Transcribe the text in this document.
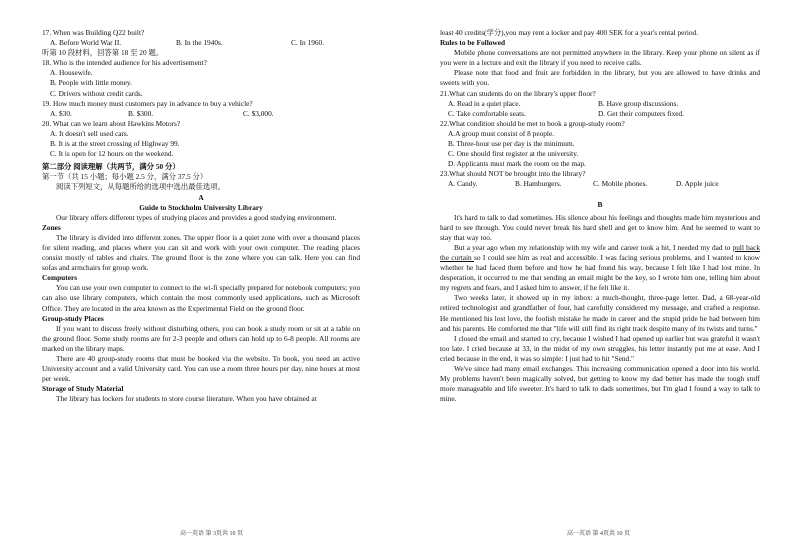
17. When was Building Q22 built?
A. Before World War II.	B. In the 1940s.	C. In 1960.
听第 10 段材料，回答第 18 至 20 题。
18. Who is the intended audience for his advertisement?
A. Housewife.
B. People with little money.
C. Drivers without credit cards.
19. How much money must customers pay in advance to buy a vehicle?
A. $30.	B. $300.	C. $3,000.
20. What can we learn about Hawkins Motors?
A. It doesn't sell used cars.
B. It is at the street crossing of Highway 99.
C. It is open for 12 hours on the weekend.
第二部分 阅读理解（共两节，满分 50 分）
第一节（共 15 小题；每小题 2.5 分，满分 37.5 分）
阅读下列短文，从每题所给的选项中选出最佳选项。
A
Guide to Stockholm University Library
Our library offers different types of studying places and provides a good studying environment.
Zones
The library is divided into different zones. The upper floor is a quiet zone with over a thousand places for silent reading, and places where you can sit and work with your own computer. The reading places consist mostly of tables and chairs. The ground floor is the zone where you can talk. Here you can find sofas and armchairs for group work.
Computers
You can use your own computer to connect to the wi-fi specially prepared for notebook computers; you can also use library computers, which contain the most commonly used applications, such as Microsoft Office. They are located in the area known as the Experimental Field on the ground floor.
Group-study Places
If you want to discuss freely without disturbing others, you can book a study room or sit at a table on the ground floor. Some study rooms are for 2-3 people and others can hold up to 6-8 people. All rooms are marked on the library maps.
There are 40 group-study rooms that must be booked via the website. To book, you need an active University account and a valid University card. You can use a room three hours per day, nine hours at most per week.
Storage of Study Material
The library has lockers for students to store course literature. When you have obtained at
高一英语 第 3页共 10 页
least 40 credits(学分),you may rent a locker and pay 400 SEK for a year's rental period.
Rules to be Followed
Mobile phone conversations are not permitted anywhere in the library. Keep your phone on silent as if you were in a lecture and exit the library if you need to receive calls.
Please note that food and fruit are forbidden in the library, but you are allowed to have drinks and sweets with you.
21.What can students do on the library's upper floor?
A. Read in a quiet place.	B. Have group discussions.
C. Take comfortable seats.	D. Get their computers fixed.
22.What condition should be met to book a group-study room?
A.A group must consist of 8 people.
B. Three-hour use per day is the minimum.
C. One should first register at the university.
D. Applicants must mark the room on the map.
23.What should NOT be brought into the library?
A. Candy.	B. Hamburgers.	C. Mobile phones.	D. Apple juice
B
It's hard to talk to dad sometimes. His silence about his feelings and thoughts made him mysterious and hard to see through. You could never break his hard shell and get to know him. And he seemed to want to stay that way too.
But a year ago when my relationship with my wife and career took a hit, I needed my dad to pull back the curtain so I could see him as real and accessible. I was facing serious problems, and I wanted to know whether he had faced them before and how he had found his way, because I felt like I had lost mine. In desperation, it occurred to me that sending an email might be the key, so I wrote him one, telling him about my regrets and fears, and I asked him to answer, if he felt like it.
Two weeks later, it showed up in my inbox: a much-thought, three-page letter. Dad, a 68-year-old retired technologist and grandfather of four, had carefully considered my message, and crafted a response. He mentioned his lost love, the foolish mistake he made in career and the stupid pride he had between him and his parents. He comforted me that "life will still find its right track despite many of its twists and turns."
I closed the email and started to cry, because I wished I had opened up earlier but was grateful it wasn't too late. I cried because at 33, in the midst of my own struggles, his letter instantly put me at ease. And I cried because in the end, it was so simple: I just had to hit "Send."
We've since had many email exchanges. This increasing communication opened a door into his world. My problems haven't been magically solved, but getting to know my dad better has made the tough stuff more manageable and life sweeter. It's hard to talk to dads sometimes, but I'm glad I found a way to talk to mine.
高一英语 第 4页共 10 页
